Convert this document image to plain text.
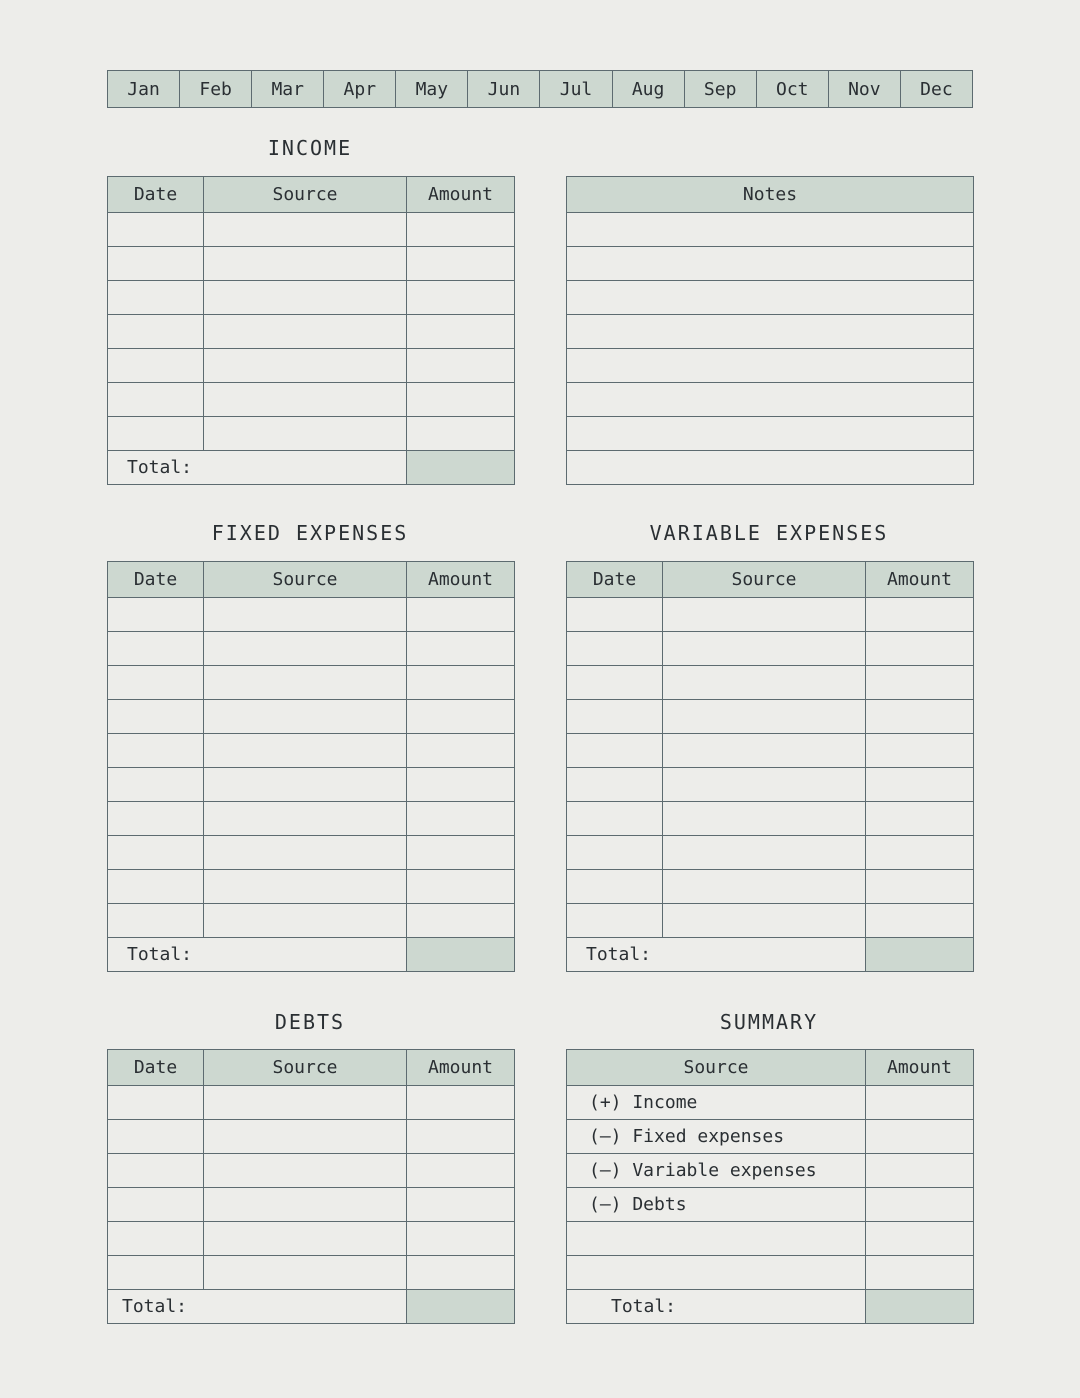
Jan	Feb	Mar	Apr	May	Jun	Jul	Aug	Sep	Oct	Nov	Dec
INCOME
Date	Source	Amount

Total:		
Notes

FIXED EXPENSES
Date	Source	Amount

Total:		
VARIABLE EXPENSES
Date	Source	Amount

Total:		
DEBTS
Date	Source	Amount

Total:		
SUMMARY
Source	Amount
(+) Income	
(–) Fixed expenses	
(–) Variable expenses	
(–) Debts	

Total:	
